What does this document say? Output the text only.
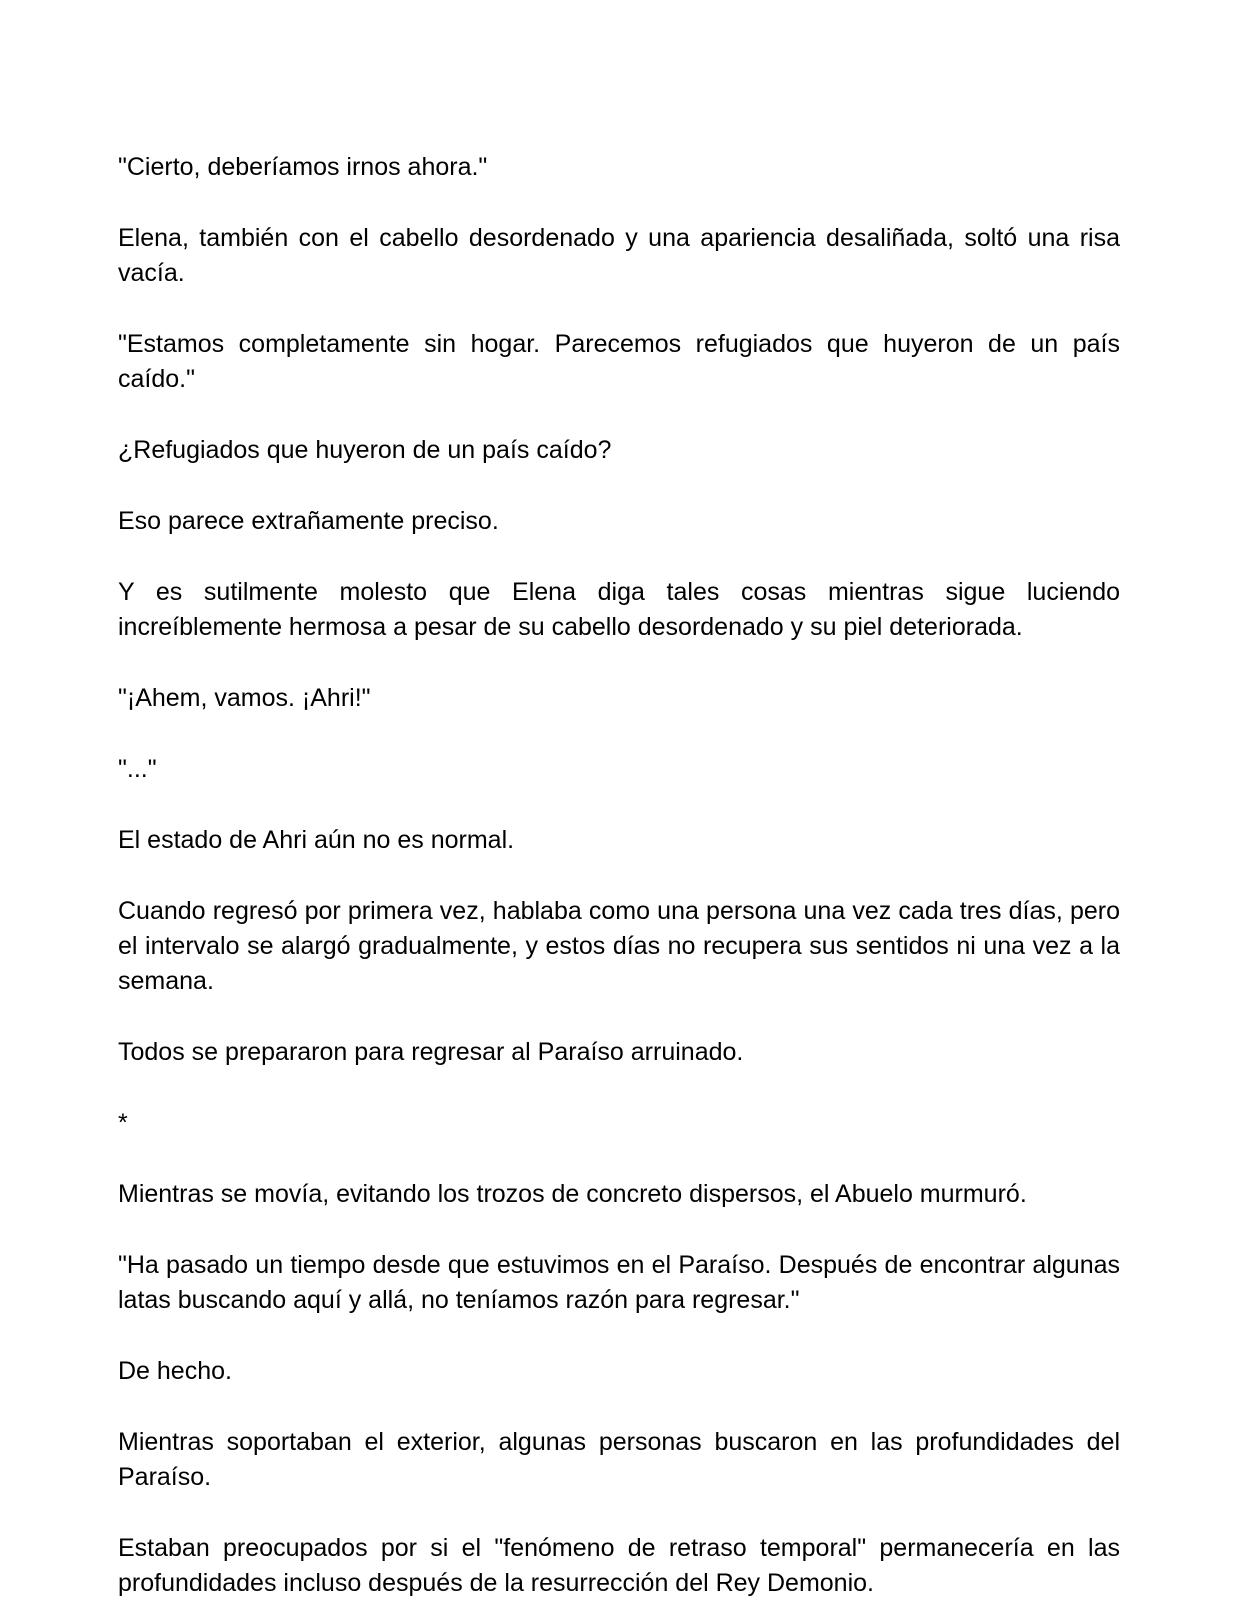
"Cierto, deberíamos irnos ahora."

Elena, también con el cabello desordenado y una apariencia desaliñada, soltó una risa vacía.

"Estamos completamente sin hogar. Parecemos refugiados que huyeron de un país caído."

¿Refugiados que huyeron de un país caído?

Eso parece extrañamente preciso.

Y es sutilmente molesto que Elena diga tales cosas mientras sigue luciendo increíblemente hermosa a pesar de su cabello desordenado y su piel deteriorada.

"¡Ahem, vamos. ¡Ahri!"

"..."

El estado de Ahri aún no es normal.

Cuando regresó por primera vez, hablaba como una persona una vez cada tres días, pero el intervalo se alargó gradualmente, y estos días no recupera sus sentidos ni una vez a la semana.

Todos se prepararon para regresar al Paraíso arruinado.

*

Mientras se movía, evitando los trozos de concreto dispersos, el Abuelo murmuró.

"Ha pasado un tiempo desde que estuvimos en el Paraíso. Después de encontrar algunas latas buscando aquí y allá, no teníamos razón para regresar."

De hecho.

Mientras soportaban el exterior, algunas personas buscaron en las profundidades del Paraíso.

Estaban preocupados por si el "fenómeno de retraso temporal" permanecería en las profundidades incluso después de la resurrección del Rey Demonio.
